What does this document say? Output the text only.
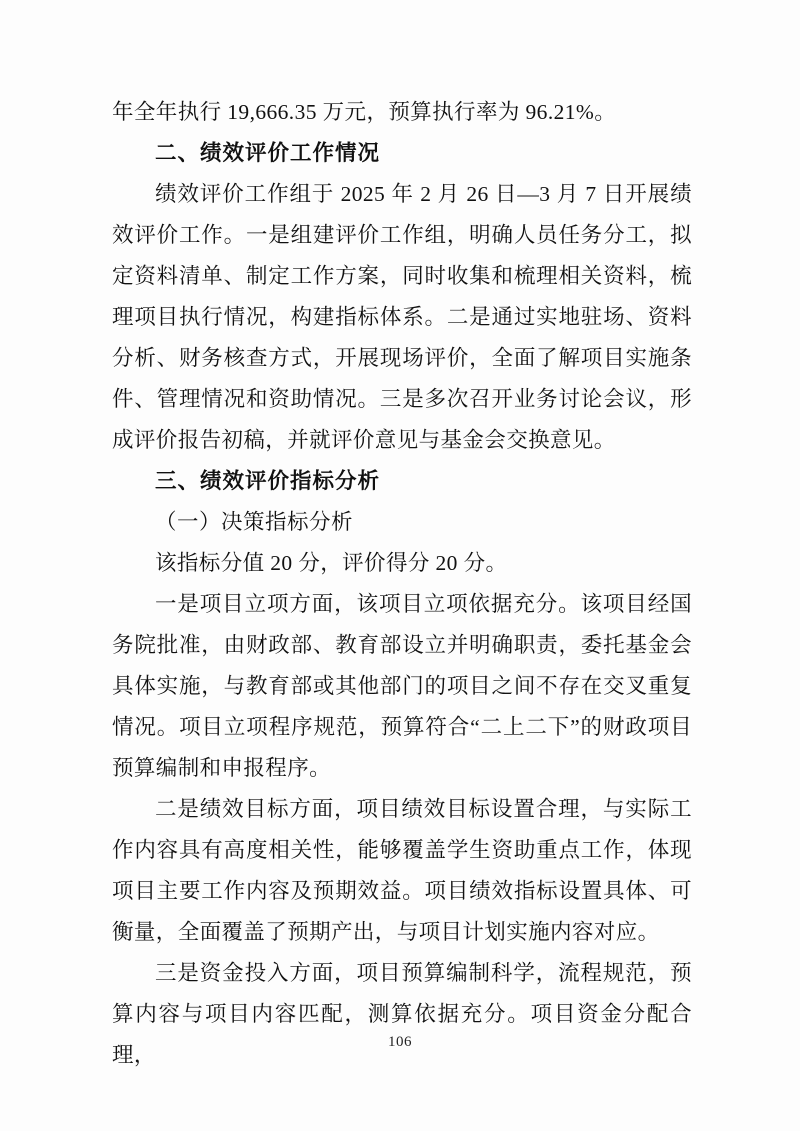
年全年执行 19,666.35 万元，预算执行率为 96.21%。

二、绩效评价工作情况

绩效评价工作组于 2025 年 2 月 26 日—3 月 7 日开展绩效评价工作。一是组建评价工作组，明确人员任务分工，拟定资料清单、制定工作方案，同时收集和梳理相关资料，梳理项目执行情况，构建指标体系。二是通过实地驻场、资料分析、财务核查方式，开展现场评价，全面了解项目实施条件、管理情况和资助情况。三是多次召开业务讨论会议，形成评价报告初稿，并就评价意见与基金会交换意见。

三、绩效评价指标分析

（一）决策指标分析

该指标分值 20 分，评价得分 20 分。

一是项目立项方面，该项目立项依据充分。该项目经国务院批准，由财政部、教育部设立并明确职责，委托基金会具体实施，与教育部或其他部门的项目之间不存在交叉重复情况。项目立项程序规范，预算符合“二上二下”的财政项目预算编制和申报程序。

二是绩效目标方面，项目绩效目标设置合理，与实际工作内容具有高度相关性，能够覆盖学生资助重点工作，体现项目主要工作内容及预期效益。项目绩效指标设置具体、可衡量，全面覆盖了预期产出，与项目计划实施内容对应。

三是资金投入方面，项目预算编制科学，流程规范，预算内容与项目内容匹配，测算依据充分。项目资金分配合理，

106
